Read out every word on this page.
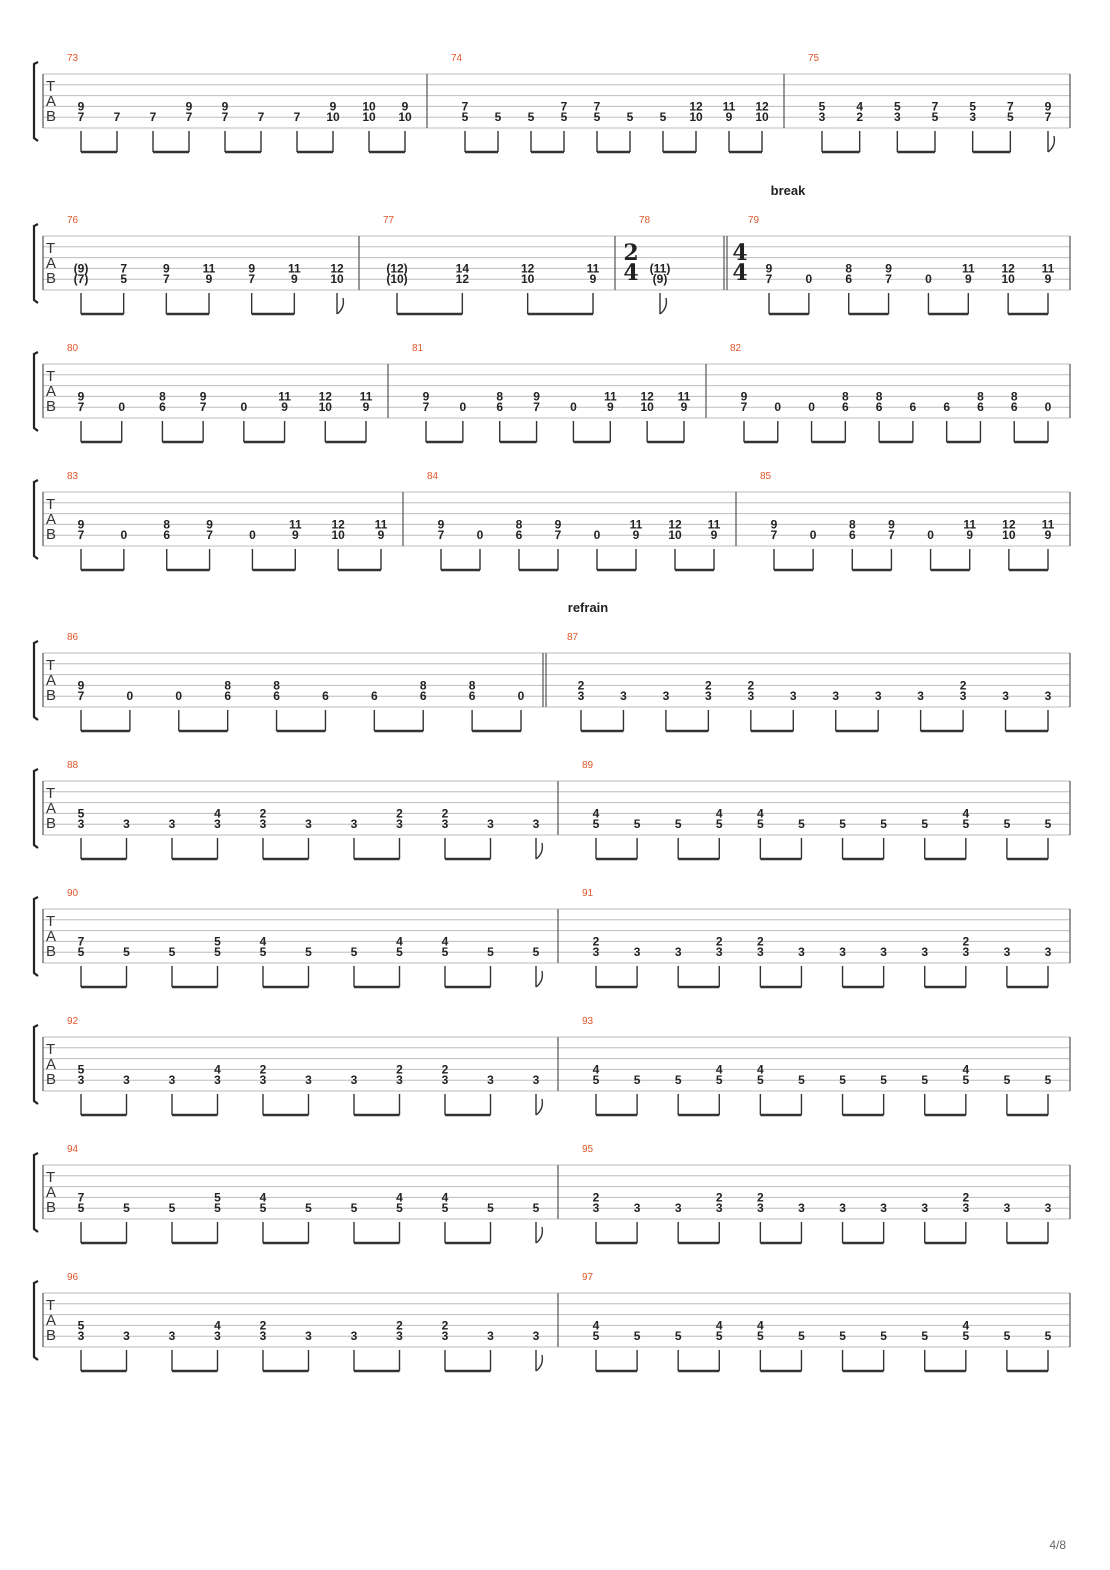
T
A
B
73
9
7 7 7
9
7
9
7 7 7
9
10
10
10
9
10
74
7
5 5 5
7
5
7
5 5 5
12
10
11
9
12
10
75
5
3
4
2
5
3
7
5
5
3
7
5
9
7
T
A
B
break
76
(9)
(7)
7
5
9
7
11
9
9
7
11
9
12
10
77
(12)
(10)
14
12
12
10
11
9
78
2
4 (11)
(9)
79
4
4 9
7	0
8
6
9
7	0
11
9
12
10
11
9
T
A
B
80
9
7	0
8
6
9
7	0
11
9
12
10
11
9
81
9
7	0
8
6
9
7	0
11
9
12
10
11
9
82
9
7 0 0
8
6
8
6 6 6
8
6
8
6 0
T
A
B
83
9
7	0
8
6
9
7	0
11
9
12
10
11
9
84
9
7	0
8
6
9
7	0
11
9
12
10
11
9
85
9
7	0
8
6
9
7	0
11
9
12
10
11
9
T
A
B
refrain
86
9
7	0	0
8
6
8
6	6	6
8
6
8
6	0
87
2
3	3	3
2
3
2
3	3	3	3	3
2
3	3	3
T
A
B
88
5
3	3	3
4
3
2
3	3	3
2
3
2
3	3	3
89
4
5	5	5
4
5
4
5	5	5	5	5
4
5	5	5
T
A
B
90
7
5	5	5
5
5
4
5	5	5
4
5
4
5	5	5
91
2
3	3	3
2
3
2
3	3	3	3	3
2
3	3	3
T
A
B
92
5
3	3	3
4
3
2
3	3	3
2
3
2
3	3	3
93
4
5	5	5
4
5
4
5	5	5	5	5
4
5	5	5
T
A
B
94
7
5	5	5
5
5
4
5	5	5
4
5
4
5	5	5
95
2
3	3	3
2
3
2
3	3	3	3	3
2
3	3	3
T
A
B
96
5
3	3	3
4
3
2
3	3	3
2
3
2
3	3	3
97
4
5	5	5
4
5
4
5	5	5	5	5
4
5	5	5
4/8
